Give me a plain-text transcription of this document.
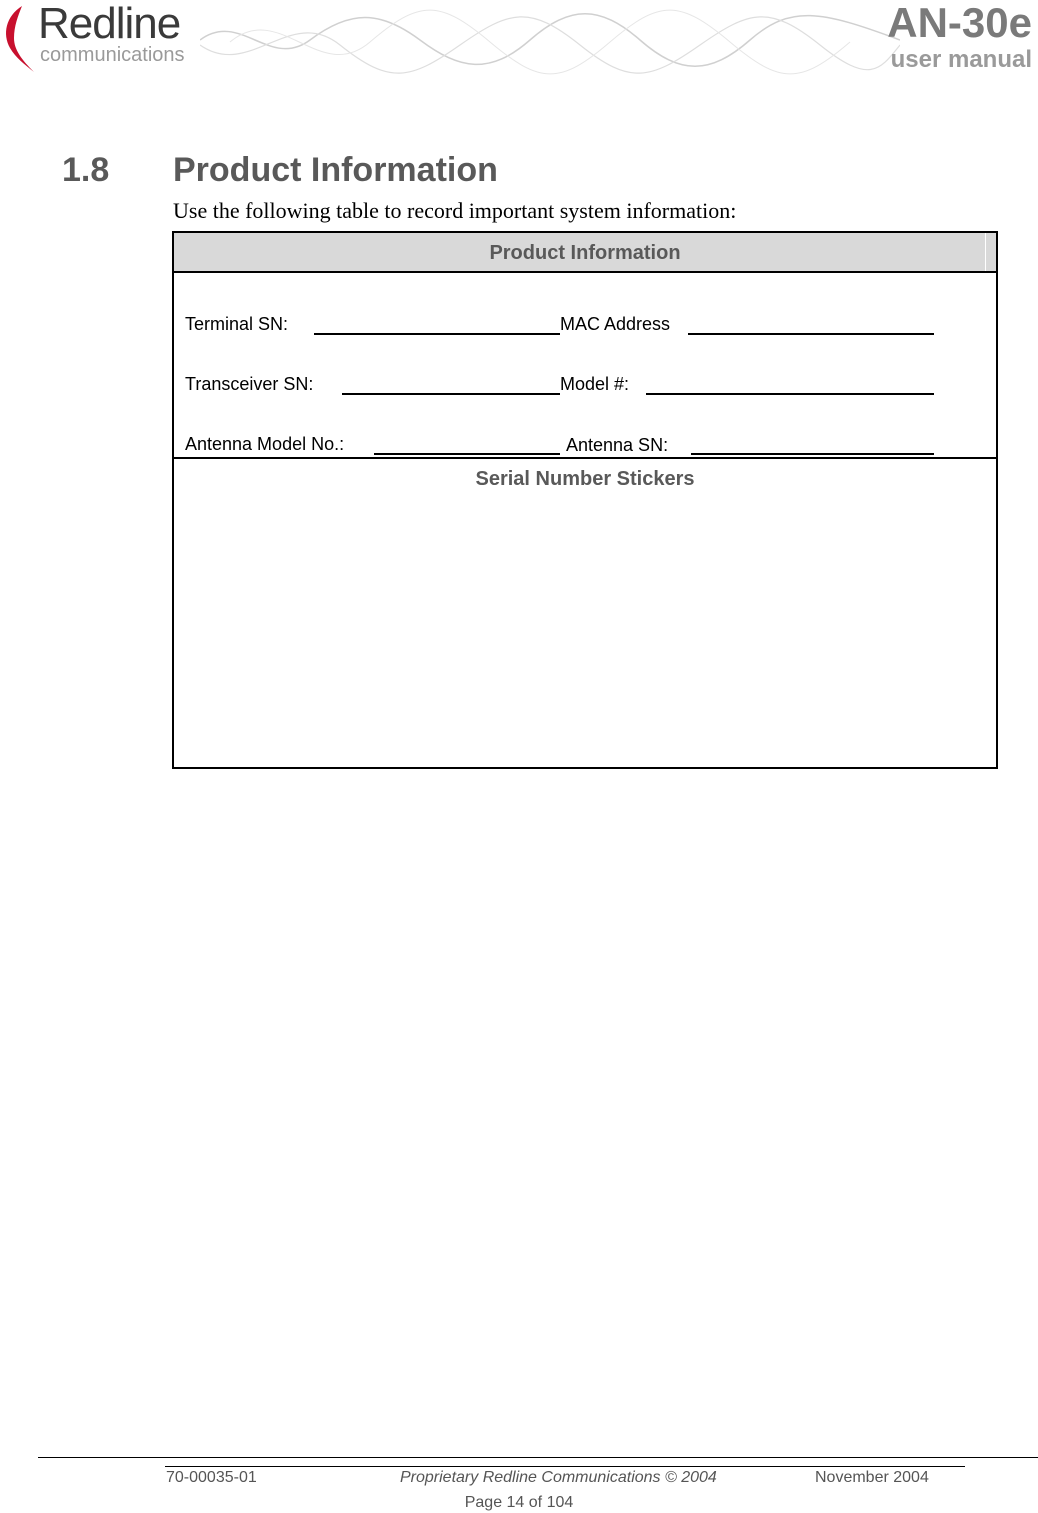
Redline
communications
AN-30e
user manual
1.8 Product Information
Use the following table to record important system information:
Product Information
Terminal SN:	MAC Address
Transceiver SN:	Model #:
Antenna Model No.:	Antenna SN:
Serial Number Stickers
70-00035-01	Proprietary Redline Communications © 2004	November 2004
Page 14 of 104
